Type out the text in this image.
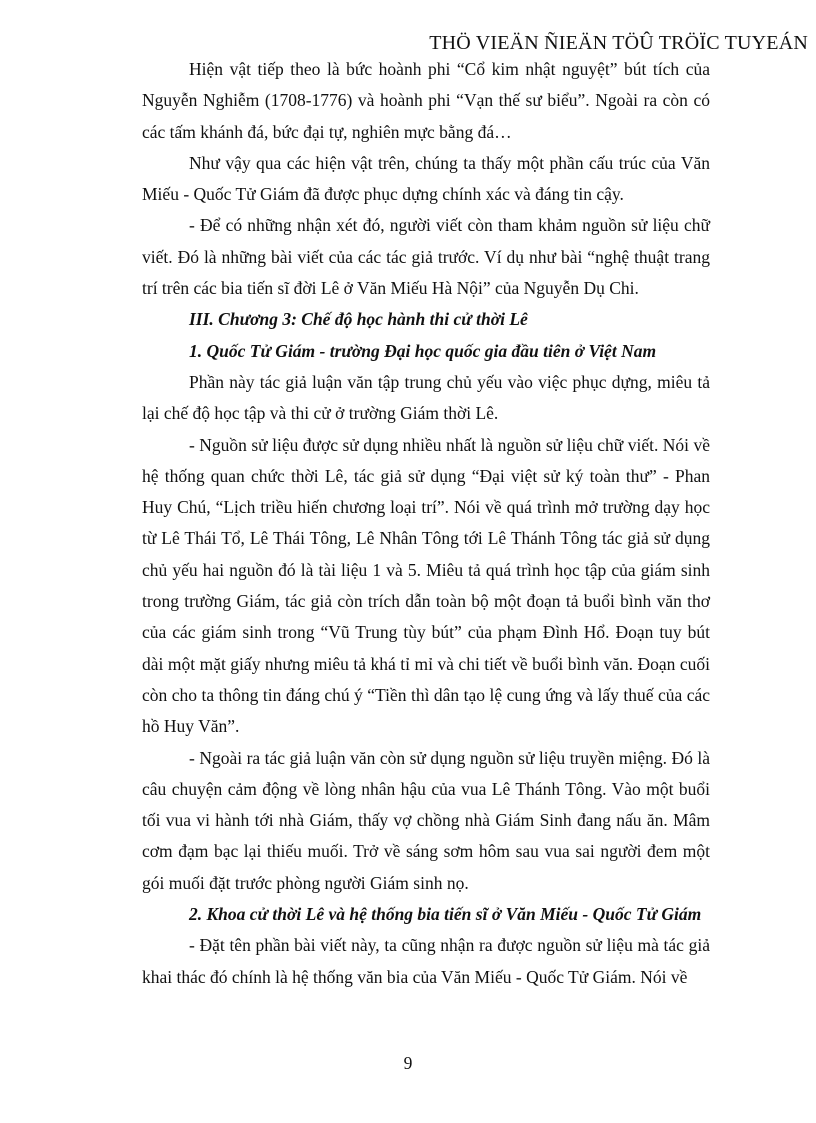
THÖ VIEÄN ÑIEÄN TÖÛ TRÖÏC TUYEÁN

Hiện vật tiếp theo là bức hoành phi “Cổ kim nhật nguyệt” bút tích của Nguyễn Nghiễm (1708-1776) và hoành phi “Vạn thế sư biểu”. Ngoài ra còn có các tấm khánh đá, bức đại tự, nghiên mực bằng đá…

Như vậy qua các hiện vật trên, chúng ta thấy một phần cấu trúc của Văn Miếu - Quốc Tử Giám đã được phục dựng chính xác và đáng tin cậy.

- Để có những nhận xét đó, người viết còn tham khảm nguồn sử liệu chữ viết. Đó là những bài viết của các tác giả trước. Ví dụ như bài “nghệ thuật trang trí trên các bia tiến sĩ đời Lê ở Văn Miếu Hà Nội” của Nguyễn Dụ Chi.

III. Chương 3: Chế độ học hành thi cử thời Lê

1. Quốc Tử Giám - trường Đại học quốc gia đầu tiên ở Việt Nam

Phần này tác giả luận văn tập trung chủ yếu vào việc phục dựng, miêu tả lại chế độ học tập và thi cử ở trường Giám thời Lê.

- Nguồn sử liệu được sử dụng nhiều nhất là nguồn sử liệu chữ viết. Nói về hệ thống quan chức thời Lê, tác giả sử dụng “Đại việt sử ký toàn thư” - Phan Huy Chú, “Lịch triều hiến chương loại trí”. Nói về quá trình mở trường dạy học từ Lê Thái Tổ, Lê Thái Tông, Lê Nhân Tông tới Lê Thánh Tông tác giả sử dụng chủ yếu hai nguồn đó là tài liệu 1 và 5. Miêu tả quá trình học tập của giám sinh trong trường Giám, tác giả còn trích dẫn toàn bộ một đoạn tả buổi bình văn thơ của các giám sinh trong “Vũ Trung tùy bút” của phạm Đình Hổ. Đoạn tuy bút dài một mặt giấy nhưng miêu tả khá tỉ mỉ và chi tiết về buổi bình văn. Đoạn cuối còn cho ta thông tin đáng chú ý “Tiền thì dân tạo lệ cung ứng và lấy thuế của các hồ Huy Văn”.

- Ngoài ra tác giả luận văn còn sử dụng nguồn sử liệu truyền miệng. Đó là câu chuyện cảm động về lòng nhân hậu của vua Lê Thánh Tông. Vào một buổi tối vua vi hành tới nhà Giám, thấy vợ chồng nhà Giám Sinh đang nấu ăn. Mâm cơm đạm bạc lại thiếu muối. Trở về sáng sơm hôm sau vua sai người đem một gói muối đặt trước phòng người Giám sinh nọ.

2. Khoa cử thời Lê và hệ thống bia tiến sĩ ở Văn Miếu - Quốc Tử Giám

- Đặt tên phần bài viết này, ta cũng nhận ra được nguồn sử liệu mà tác giả khai thác đó chính là hệ thống văn bia của Văn Miếu - Quốc Tử Giám. Nói về

9
